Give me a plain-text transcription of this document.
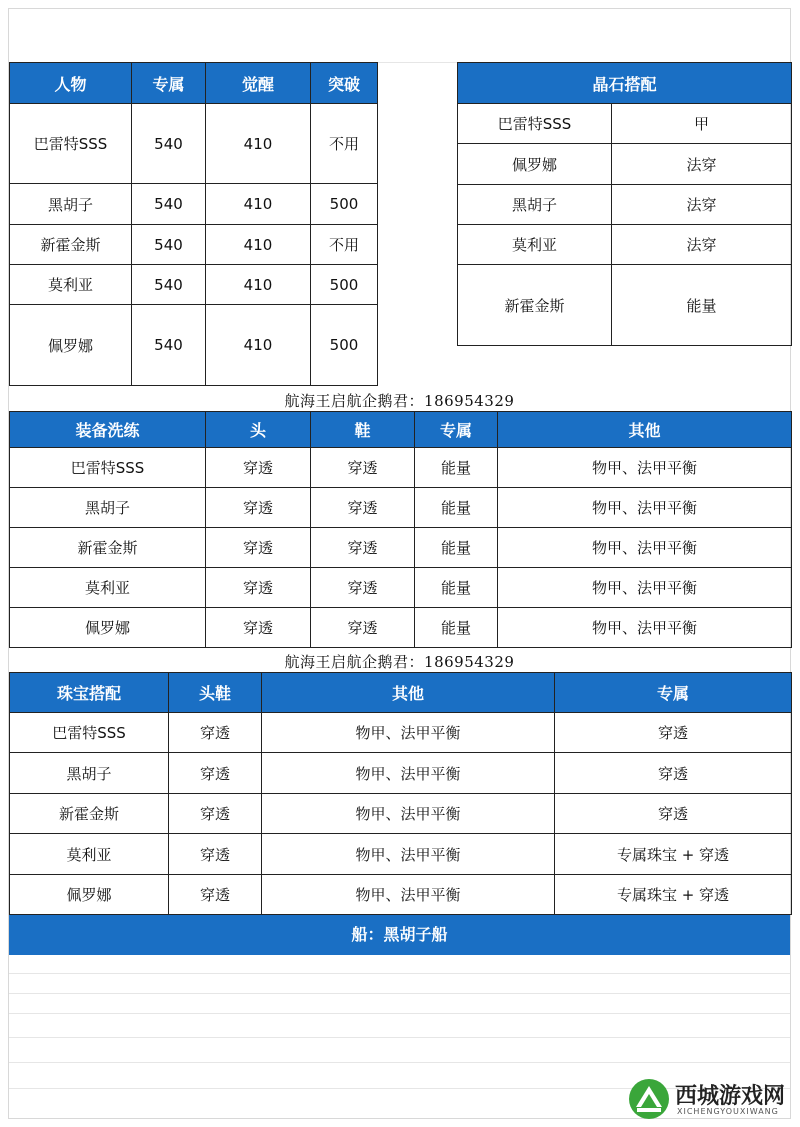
人物	专属	觉醒	突破
巴雷特SSS	540	410	不用
黑胡子	540	410	500
新霍金斯	540	410	不用
莫利亚	540	410	500
佩罗娜	540	410	500
晶石搭配	
巴雷特SSS	甲
佩罗娜	法穿
黑胡子	法穿
莫利亚	法穿
新霍金斯	能量
航海王启航企鹅君：186954329
装备洗练	头	鞋	专属	其他
巴雷特SSS	穿透	穿透	能量	物甲、法甲平衡
黑胡子	穿透	穿透	能量	物甲、法甲平衡
新霍金斯	穿透	穿透	能量	物甲、法甲平衡
莫利亚	穿透	穿透	能量	物甲、法甲平衡
佩罗娜	穿透	穿透	能量	物甲、法甲平衡
航海王启航企鹅君：186954329
珠宝搭配	头鞋	其他	专属
巴雷特SSS	穿透	物甲、法甲平衡	穿透
黑胡子	穿透	物甲、法甲平衡	穿透
新霍金斯	穿透	物甲、法甲平衡	穿透
莫利亚	穿透	物甲、法甲平衡	专属珠宝 + 穿透
佩罗娜	穿透	物甲、法甲平衡	专属珠宝 + 穿透
船：黑胡子船
西城游戏网
XICHENGYOUXIWANG
